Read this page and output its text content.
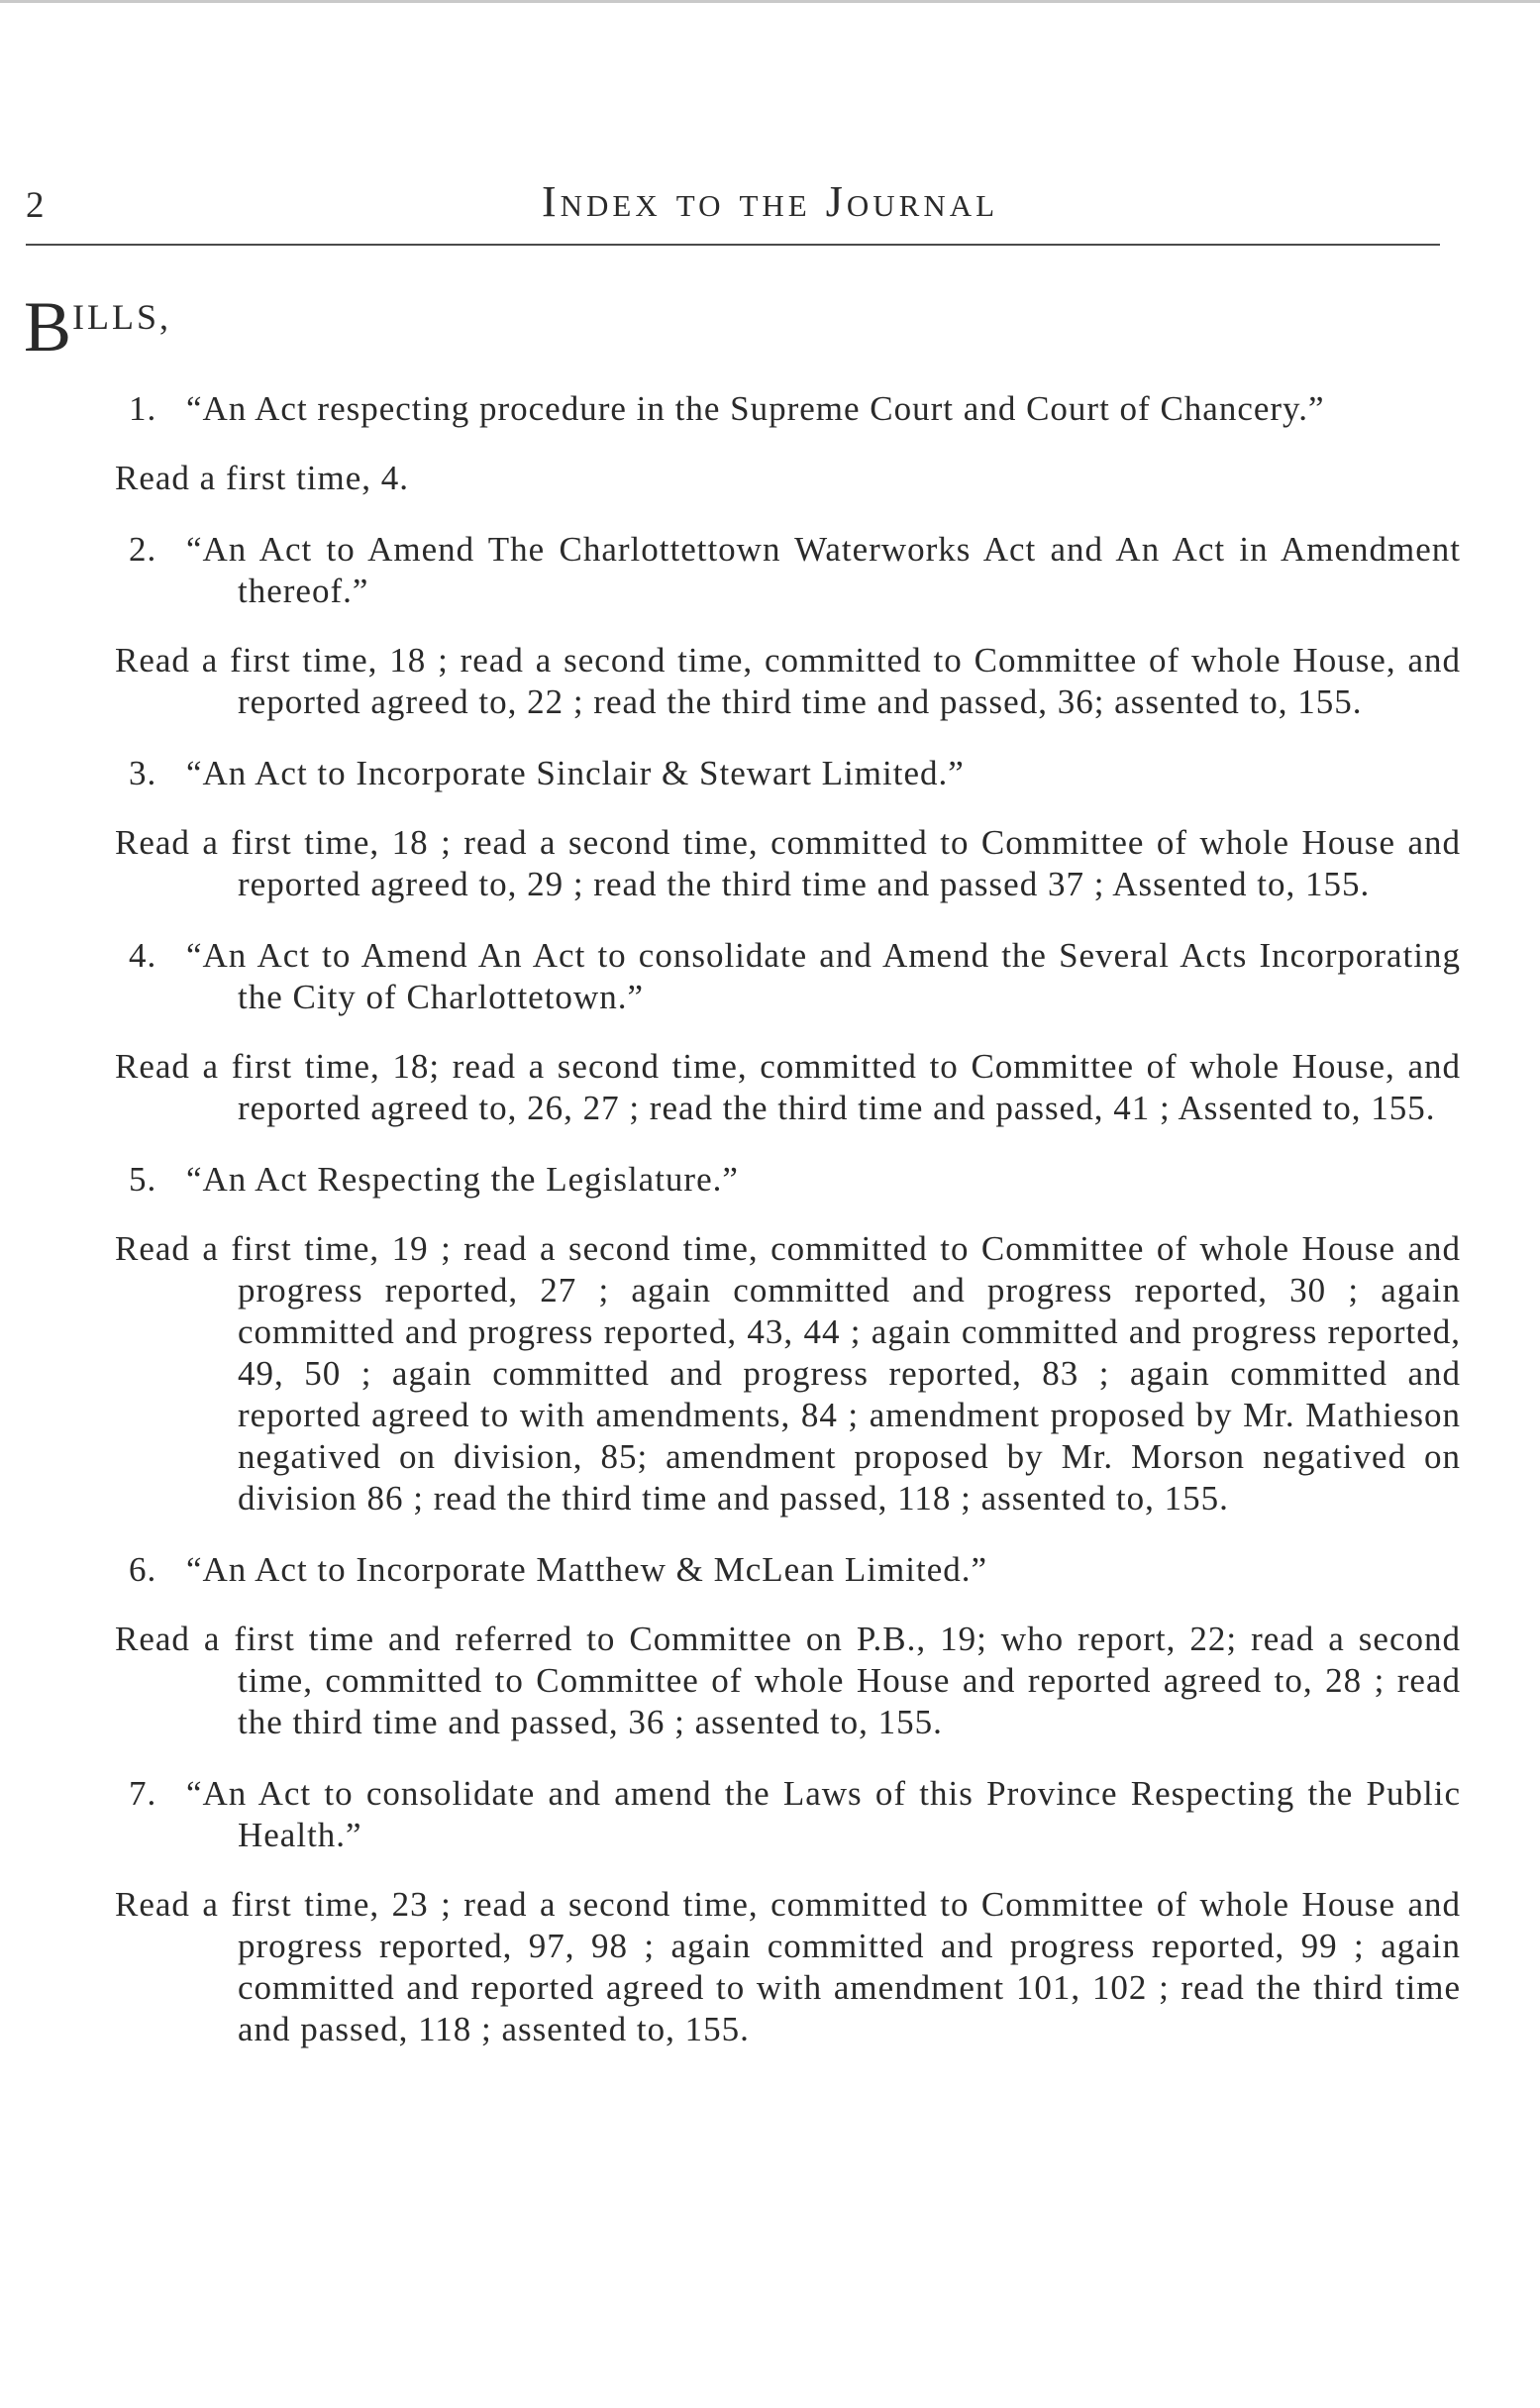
2	Index to the Journal
$B^{ILLS,}$

1. “An Act respecting procedure in the Supreme Court and Court of Chancery.”

Read a first time, 4.

2. “An Act to Amend The Charlottettown Waterworks Act and An Act in Amendment thereof.”

Read a first time, 18 ; read a second time, committed to Committee of whole House, and reported agreed to, 22 ; read the third time and passed, 36; assented to, 155.

3. “An Act to Incorporate Sinclair & Stewart Limited.”

Read a first time, 18 ; read a second time, committed to Committee of whole House and reported agreed to, 29 ; read the third time and passed 37 ; Assented to, 155.

4. “An Act to Amend An Act to consolidate and Amend the Several Acts Incorporating the City of Charlottetown.”

Read a first time, 18; read a second time, committed to Committee of whole House, and reported agreed to, 26, 27 ; read the third time and passed, 41 ; Assented to, 155.

5. “An Act Respecting the Legislature.”

Read a first time, 19 ; read a second time, committed to Committee of whole House and progress reported, 27 ; again committed and progress reported, 30 ; again committed and progress reported, 43, 44 ; again committed and progress reported, 49, 50 ; again committed and progress reported, 83 ; again committed and reported agreed to with amendments, 84 ; amendment proposed by Mr. Mathieson negatived on division, 85; amendment proposed by Mr. Morson negatived on division 86 ; read the third time and passed, 118 ; assented to, 155.

6. “An Act to Incorporate Matthew & McLean Limited.”

Read a first time and referred to Committee on P.B., 19; who report, 22; read a second time, committed to Committee of whole House and reported agreed to, 28 ; read the third time and passed, 36 ; assented to, 155.

7. “An Act to consolidate and amend the Laws of this Province Respecting the Public Health.”

Read a first time, 23 ; read a second time, committed to Committee of whole House and progress reported, 97, 98 ; again committed and progress reported, 99 ; again committed and reported agreed to with amendment 101, 102 ; read the third time and passed, 118 ; assented to, 155.
